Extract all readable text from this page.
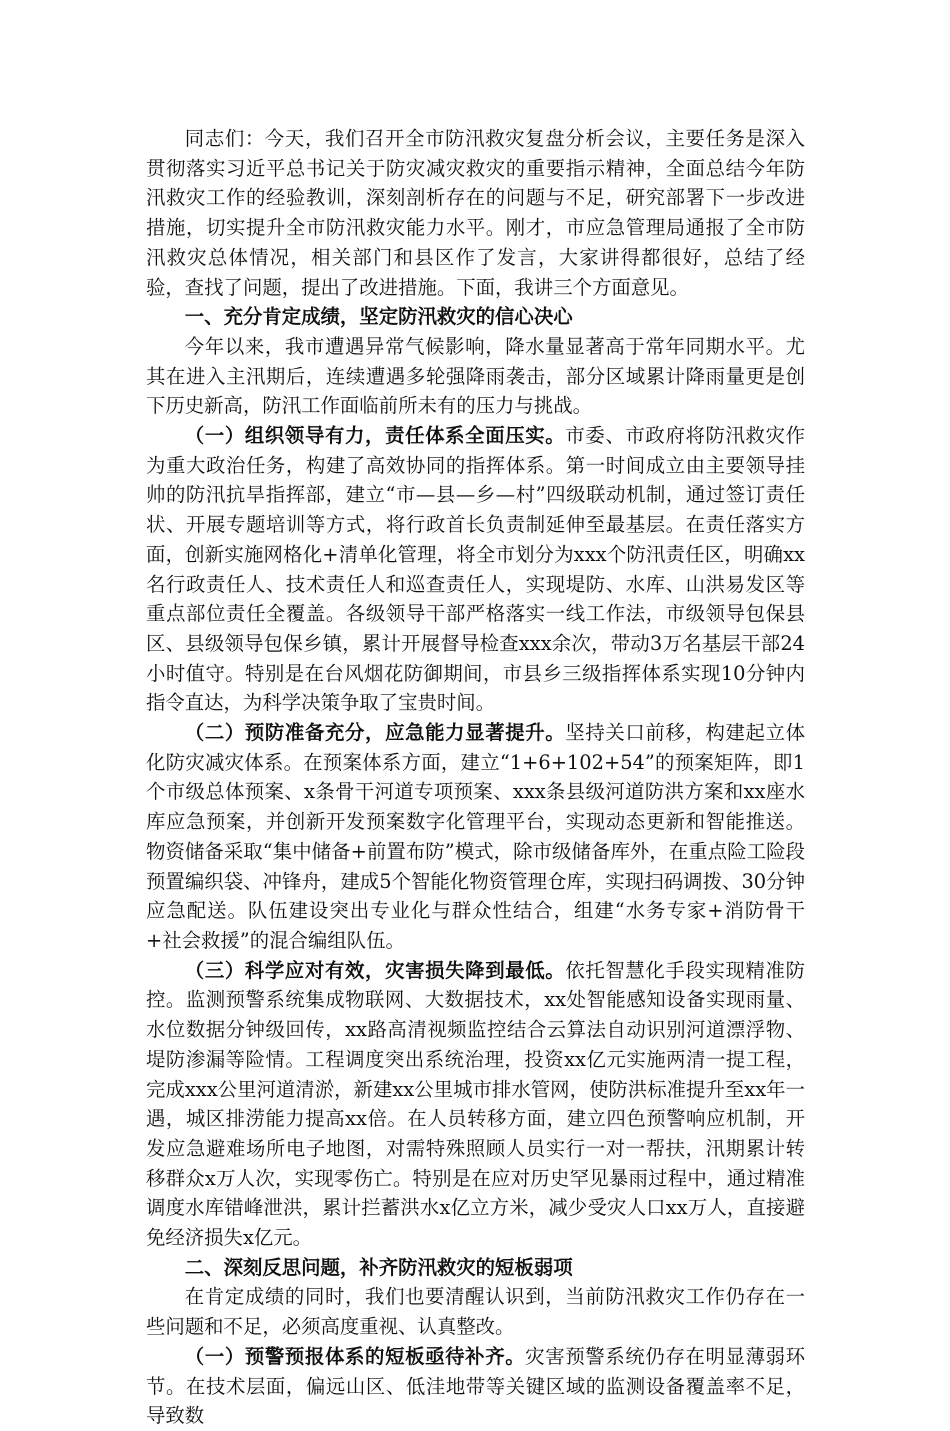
同志们：今天，我们召开全市防汛救灾复盘分析会议，主要任务是深入贯彻落实习近平总书记关于防灾减灾救灾的重要指示精神，全面总结今年防汛救灾工作的经验教训，深刻剖析存在的问题与不足，研究部署下一步改进措施，切实提升全市防汛救灾能力水平。刚才，市应急管理局通报了全市防汛救灾总体情况，相关部门和县区作了发言，大家讲得都很好，总结了经验，查找了问题，提出了改进措施。下面，我讲三个方面意见。

一、充分肯定成绩，坚定防汛救灾的信心决心

今年以来，我市遭遇异常气候影响，降水量显著高于常年同期水平。尤其在进入主汛期后，连续遭遇多轮强降雨袭击，部分区域累计降雨量更是创下历史新高，防汛工作面临前所未有的压力与挑战。

（一）组织领导有力，责任体系全面压实。市委、市政府将防汛救灾作为重大政治任务，构建了高效协同的指挥体系。第一时间成立由主要领导挂帅的防汛抗旱指挥部，建立“市—县—乡—村”四级联动机制，通过签订责任状、开展专题培训等方式，将行政首长负责制延伸至最基层。在责任落实方面，创新实施网格化+清单化管理，将全市划分为xxx个防汛责任区，明确xx名行政责任人、技术责任人和巡查责任人，实现堤防、水库、山洪易发区等重点部位责任全覆盖。各级领导干部严格落实一线工作法，市级领导包保县区、县级领导包保乡镇，累计开展督导检查xxx余次，带动3万名基层干部24小时值守。特别是在台风烟花防御期间，市县乡三级指挥体系实现10分钟内指令直达，为科学决策争取了宝贵时间。

（二）预防准备充分，应急能力显著提升。坚持关口前移，构建起立体化防灾减灾体系。在预案体系方面，建立“1+6+102+54”的预案矩阵，即1个市级总体预案、x条骨干河道专项预案、xxx条县级河道防洪方案和xx座水库应急预案，并创新开发预案数字化管理平台，实现动态更新和智能推送。物资储备采取“集中储备+前置布防”模式，除市级储备库外，在重点险工险段预置编织袋、冲锋舟，建成5个智能化物资管理仓库，实现扫码调拨、30分钟应急配送。队伍建设突出专业化与群众性结合，组建“水务专家+消防骨干+社会救援”的混合编组队伍。

（三）科学应对有效，灾害损失降到最低。依托智慧化手段实现精准防控。监测预警系统集成物联网、大数据技术，xx处智能感知设备实现雨量、水位数据分钟级回传，xx路高清视频监控结合云算法自动识别河道漂浮物、堤防渗漏等险情。工程调度突出系统治理，投资xx亿元实施两清一提工程，完成xxx公里河道清淤，新建xx公里城市排水管网，使防洪标准提升至xx年一遇，城区排涝能力提高xx倍。在人员转移方面，建立四色预警响应机制，开发应急避难场所电子地图，对需特殊照顾人员实行一对一帮扶，汛期累计转移群众x万人次，实现零伤亡。特别是在应对历史罕见暴雨过程中，通过精准调度水库错峰泄洪，累计拦蓄洪水x亿立方米，减少受灾人口xx万人，直接避免经济损失x亿元。

二、深刻反思问题，补齐防汛救灾的短板弱项

在肯定成绩的同时，我们也要清醒认识到，当前防汛救灾工作仍存在一些问题和不足，必须高度重视、认真整改。

（一）预警预报体系的短板亟待补齐。灾害预警系统仍存在明显薄弱环节。在技术层面，偏远山区、低洼地带等关键区域的监测设备覆盖率不足，导致数
